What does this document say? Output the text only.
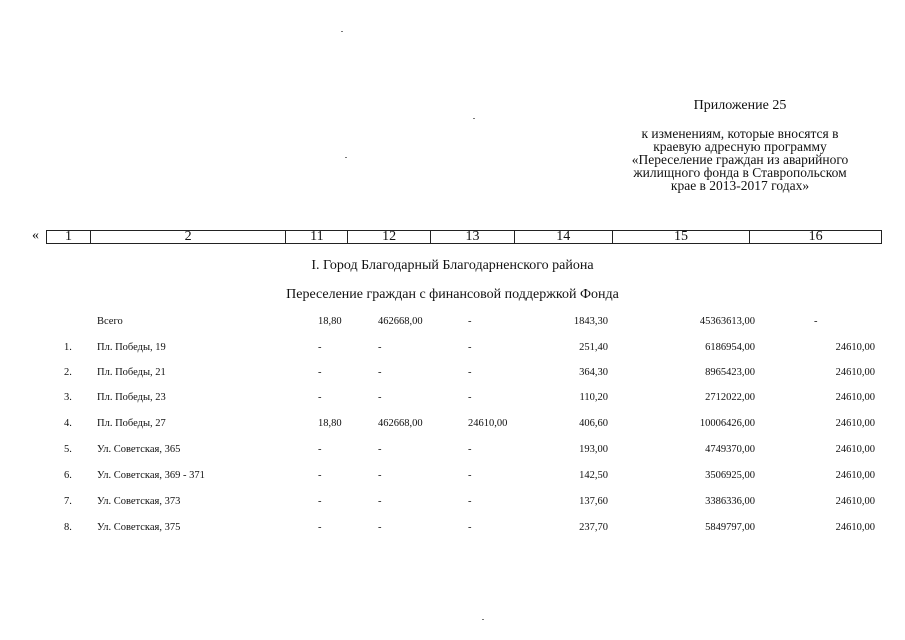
Приложение 25
к изменениям, которые вносятся в
краевую адресную программу
«Переселение граждан из аварийного
жилищного фонда в Ставропольском
крае в 2013-2017 годах»
«	1	2	11	12	13	14	15	16
I. Город Благодарный Благодарненского района
Переселение граждан с финансовой поддержкой Фонда
Всего	18,80	462668,00	-	1843,30	45363613,00	-
1. Пл. Победы, 19	-	-	-	251,40	6186954,00	24610,00
2. Пл. Победы, 21	-	-	-	364,30	8965423,00	24610,00
3. Пл. Победы, 23	-	-	-	110,20	2712022,00	24610,00
4. Пл. Победы, 27	18,80	462668,00	24610,00	406,60	10006426,00	24610,00
5. Ул. Советская, 365	-	-	-	193,00	4749370,00	24610,00
6. Ул. Советская, 369 - 371	-	-	-	142,50	3506925,00	24610,00
7. Ул. Советская, 373	-	-	-	137,60	3386336,00	24610,00
8. Ул. Советская, 375	-	-	-	237,70	5849797,00	24610,00
